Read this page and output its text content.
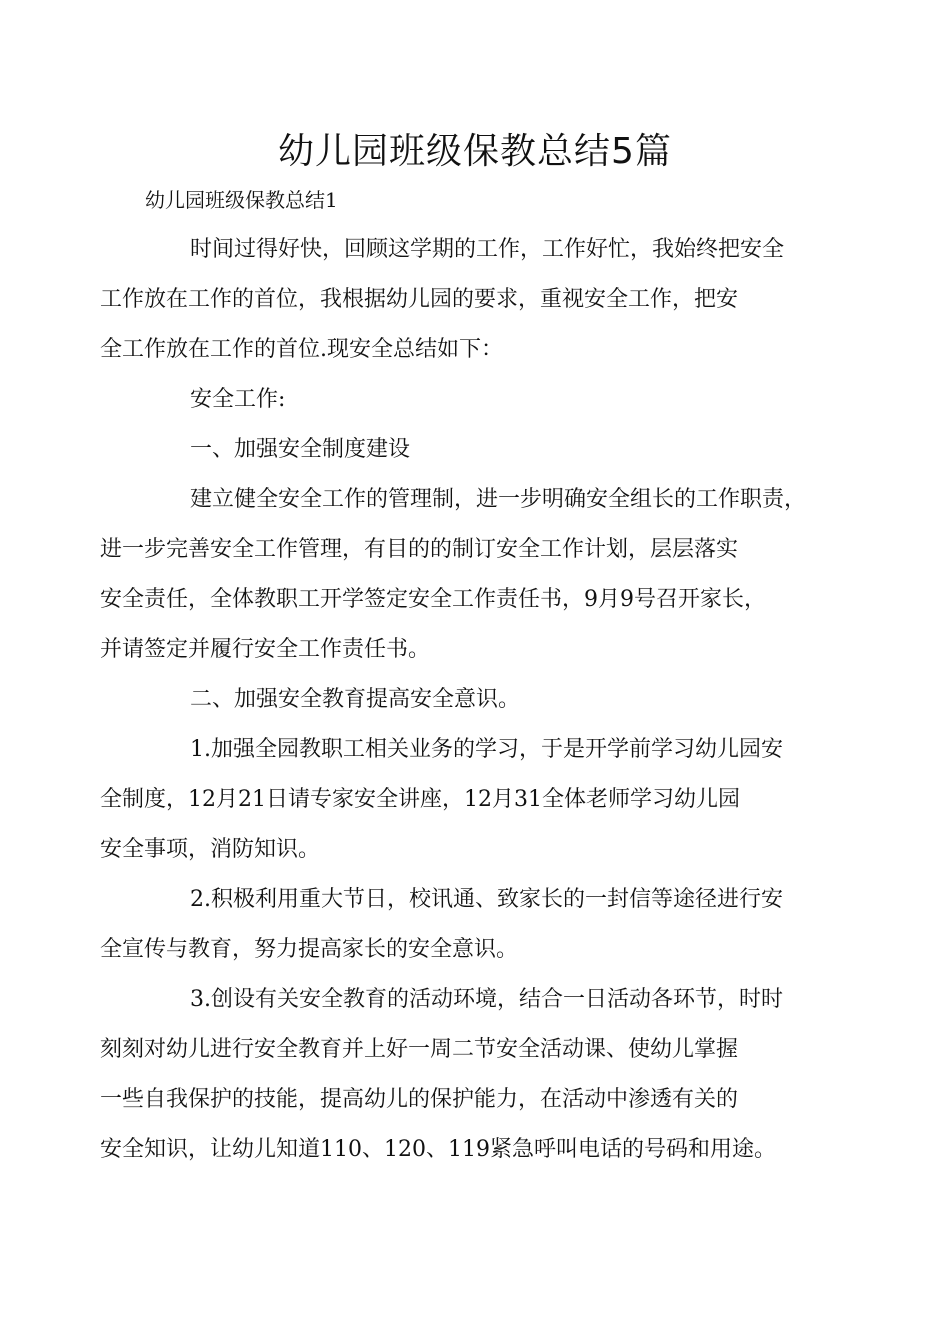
幼儿园班级保教总结5篇
幼儿园班级保教总结1

时间过得好快，回顾这学期的工作，工作好忙，我始终把安全
工作放在工作的首位，我根据幼儿园的要求，重视安全工作，把安
全工作放在工作的首位.现安全总结如下：

安全工作:

一、加强安全制度建设

建立健全安全工作的管理制，进一步明确安全组长的工作职责，
进一步完善安全工作管理，有目的的制订安全工作计划，层层落实
安全责任，全体教职工开学签定安全工作责任书，9月9号召开家长，
并请签定并履行安全工作责任书。

二、加强安全教育提高安全意识。

1.加强全园教职工相关业务的学习，于是开学前学习幼儿园安
全制度，12月21日请专家安全讲座，12月31全体老师学习幼儿园
安全事项，消防知识。

2.积极利用重大节日，校讯通、致家长的一封信等途径进行安
全宣传与教育，努力提高家长的安全意识。

3.创设有关安全教育的活动环境，结合一日活动各环节，时时
刻刻对幼儿进行安全教育并上好一周二节安全活动课、使幼儿掌握
一些自我保护的技能，提高幼儿的保护能力，在活动中渗透有关的
安全知识，让幼儿知道110、120、119紧急呼叫电话的号码和用途。
